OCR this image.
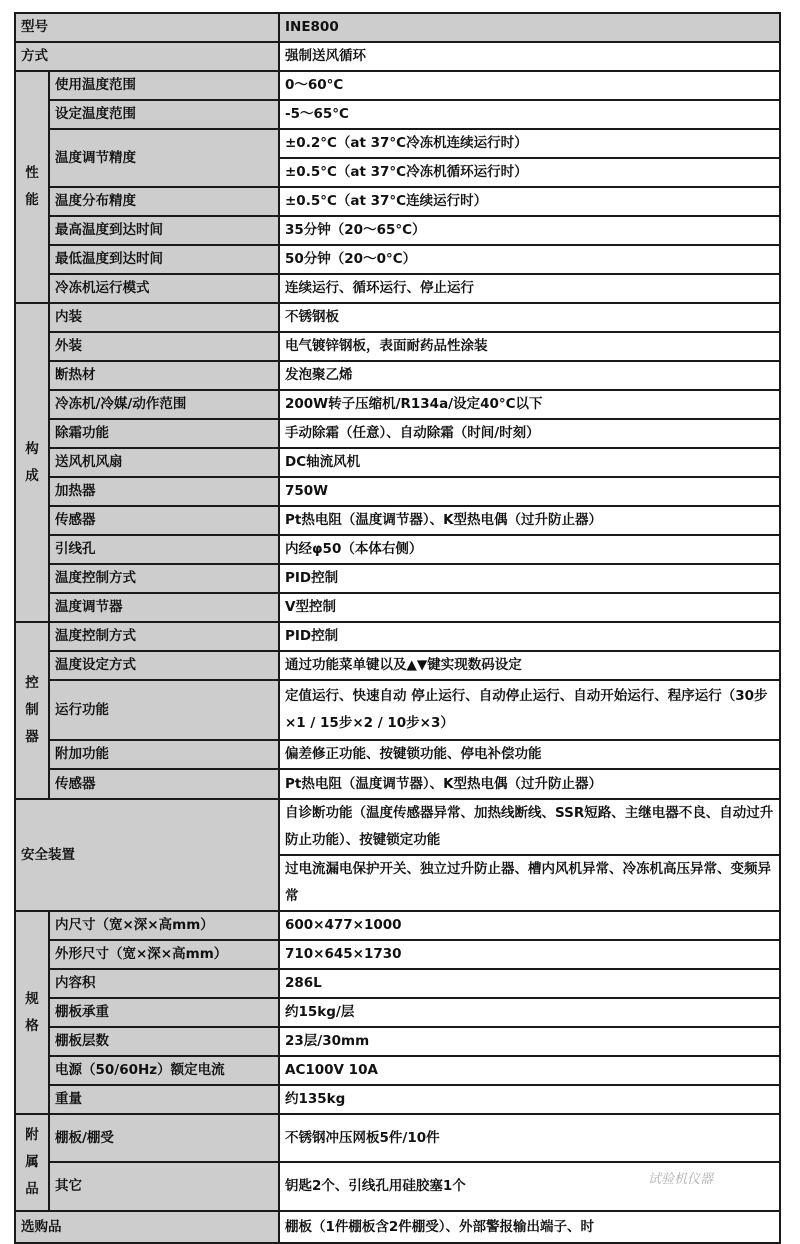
型号		INE800
方式		强制送风循环
性能	使用温度范围	0～60°C
	设定温度范围	-5～65°C
	温度调节精度	±0.2°C（at 37°C冷冻机连续运行时）
		±0.5°C（at 37°C冷冻机循环运行时）
	温度分布精度	±0.5°C（at 37°C连续运行时）
	最高温度到达时间	35分钟（20～65°C）
	最低温度到达时间	50分钟（20～0°C）
	冷冻机运行模式	连续运行、循环运行、停止运行
构成	内装	不锈钢板
	外装	电气镀锌钢板，表面耐药品性涂装
	断热材	发泡聚乙烯
	冷冻机/冷媒/动作范围	200W转子压缩机/R134a/设定40°C以下
	除霜功能	手动除霜（任意）、自动除霜（时间/时刻）
	送风机风扇	DC轴流风机
	加热器	750W
	传感器	Pt热电阻（温度调节器）、K型热电偶（过升防止器）
	引线孔	内经φ50（本体右侧）
	温度控制方式	PID控制
	温度调节器	V型控制
控制器	温度控制方式	PID控制
	温度设定方式	通过功能菜单键以及▲▼键实现数码设定
	运行功能	定值运行、快速自动 停止运行、自动停止运行、自动开始运行、程序运行（30步×1 / 15步×2 / 10步×3）
	附加功能	偏差修正功能、按键锁功能、停电补偿功能
	传感器	Pt热电阻（温度调节器）、K型热电偶（过升防止器）
安全装置		自诊断功能（温度传感器异常、加热线断线、SSR短路、主继电器不良、自动过升防止功能）、按键锁定功能
		过电流漏电保护开关、独立过升防止器、槽内风机异常、冷冻机高压异常、变频异常
规格	内尺寸（宽×深×高mm）	600×477×1000
	外形尺寸（宽×深×高mm）	710×645×1730
	内容积	286L
	棚板承重	约15kg/层
	棚板层数	23层/30mm
	电源（50/60Hz）额定电流	AC100V 10A
	重量	约135kg
附属品	棚板/棚受	不锈钢冲压网板5件/10件
	其它	钥匙2个、引线孔用硅胶塞1个
选购品		棚板（1件棚板含2件棚受）、外部警报输出端子、时
试验机仪器
